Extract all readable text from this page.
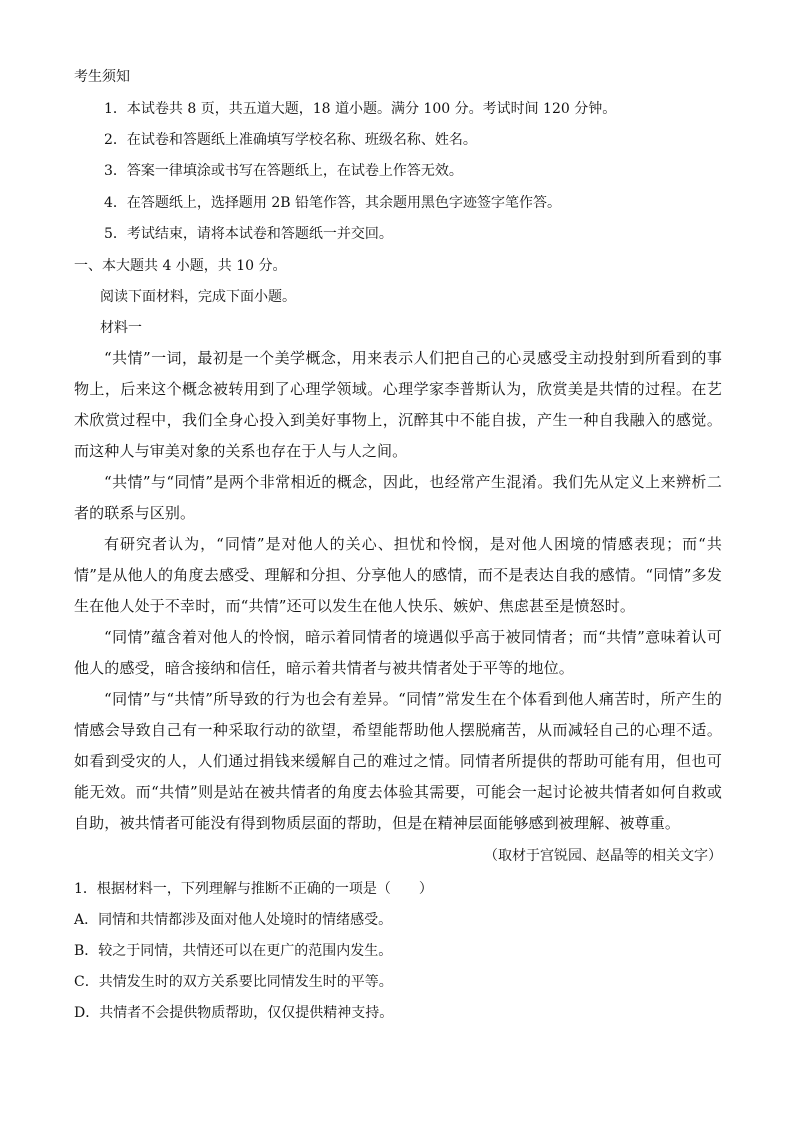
考生须知
1．本试卷共 8 页，共五道大题，18 道小题。满分 100 分。考试时间 120 分钟。
2．在试卷和答题纸上准确填写学校名称、班级名称、姓名。
3．答案一律填涂或书写在答题纸上，在试卷上作答无效。
4．在答题纸上，选择题用 2B 铅笔作答，其余题用黑色字迹签字笔作答。
5．考试结束，请将本试卷和答题纸一并交回。
一、本大题共 4 小题，共 10 分。
阅读下面材料，完成下面小题。
材料一
“共情”一词，最初是一个美学概念，用来表示人们把自己的心灵感受主动投射到所看到的事物上，后来这个概念被转用到了心理学领域。心理学家李普斯认为，欣赏美是共情的过程。在艺术欣赏过程中，我们全身心投入到美好事物上，沉醉其中不能自拔，产生一种自我融入的感觉。而这种人与审美对象的关系也存在于人与人之间。
“共情”与“同情”是两个非常相近的概念，因此，也经常产生混淆。我们先从定义上来辨析二者的联系与区别。
有研究者认为，“同情”是对他人的关心、担忧和怜悯，是对他人困境的情感表现；而“共情”是从他人的角度去感受、理解和分担、分享他人的感情，而不是表达自我的感情。“同情”多发生在他人处于不幸时，而“共情”还可以发生在他人快乐、嫉妒、焦虑甚至是愤怒时。
“同情”蕴含着对他人的怜悯，暗示着同情者的境遇似乎高于被同情者；而“共情”意味着认可他人的感受，暗含接纳和信任，暗示着共情者与被共情者处于平等的地位。
“同情”与“共情”所导致的行为也会有差异。“同情”常发生在个体看到他人痛苦时，所产生的情感会导致自己有一种采取行动的欲望，希望能帮助他人摆脱痛苦，从而减轻自己的心理不适。如看到受灾的人，人们通过捐钱来缓解自己的难过之情。同情者所提供的帮助可能有用，但也可能无效。而“共情”则是站在被共情者的角度去体验其需要，可能会一起讨论被共情者如何自救或自助，被共情者可能没有得到物质层面的帮助，但是在精神层面能够感到被理解、被尊重。
（取材于宫锐园、赵晶等的相关文字）
1．根据材料一，下列理解与推断不正确的一项是（　　）
A．同情和共情都涉及面对他人处境时的情绪感受。
B．较之于同情，共情还可以在更广的范围内发生。
C．共情发生时的双方关系要比同情发生时的平等。
D．共情者不会提供物质帮助，仅仅提供精神支持。
